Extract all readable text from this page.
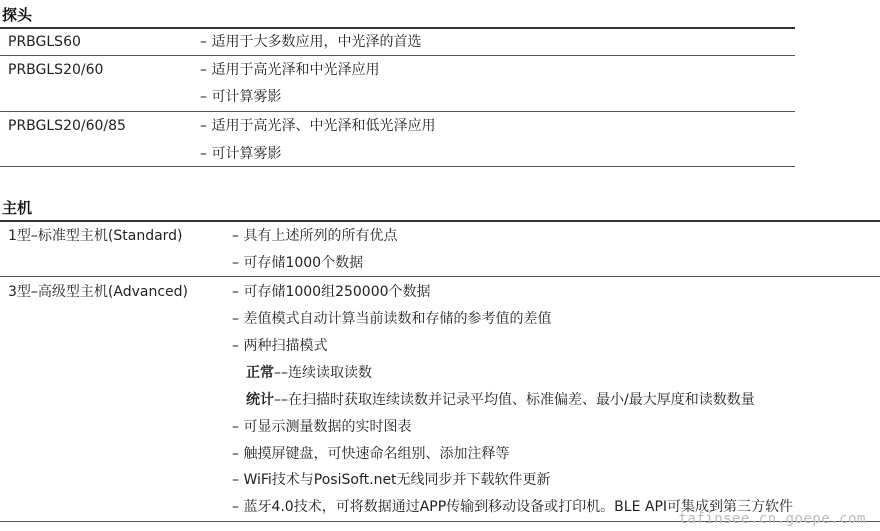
探头
PRBGLS60	– 适用于大多数应用，中光泽的首选
PRBGLS20/60	– 适用于高光泽和中光泽应用
– 可计算雾影
PRBGLS20/60/85	– 适用于高光泽、中光泽和低光泽应用
– 可计算雾影
主机
1型–标准型主机(Standard)	– 具有上述所列的所有优点
– 可存储1000个数据
3型–高级型主机(Advanced)	– 可存储1000组250000个数据
– 差值模式自动计算当前读数和存储的参考值的差值
– 两种扫描模式
正常––连续读取读数
统计––在扫描时获取连续读数并记录平均值、标准偏差、最小/最大厚度和读数数量
– 可显示测量数据的实时图表
– 触摸屏键盘，可快速命名组别、添加注释等
– WiFi技术与PosiSoft.net无线同步并下载软件更新
– 蓝牙4.0技术，可将数据通过APP传输到移动设备或打印机。BLE API可集成到第三方软件
tafinsee.cn.goepe.com
